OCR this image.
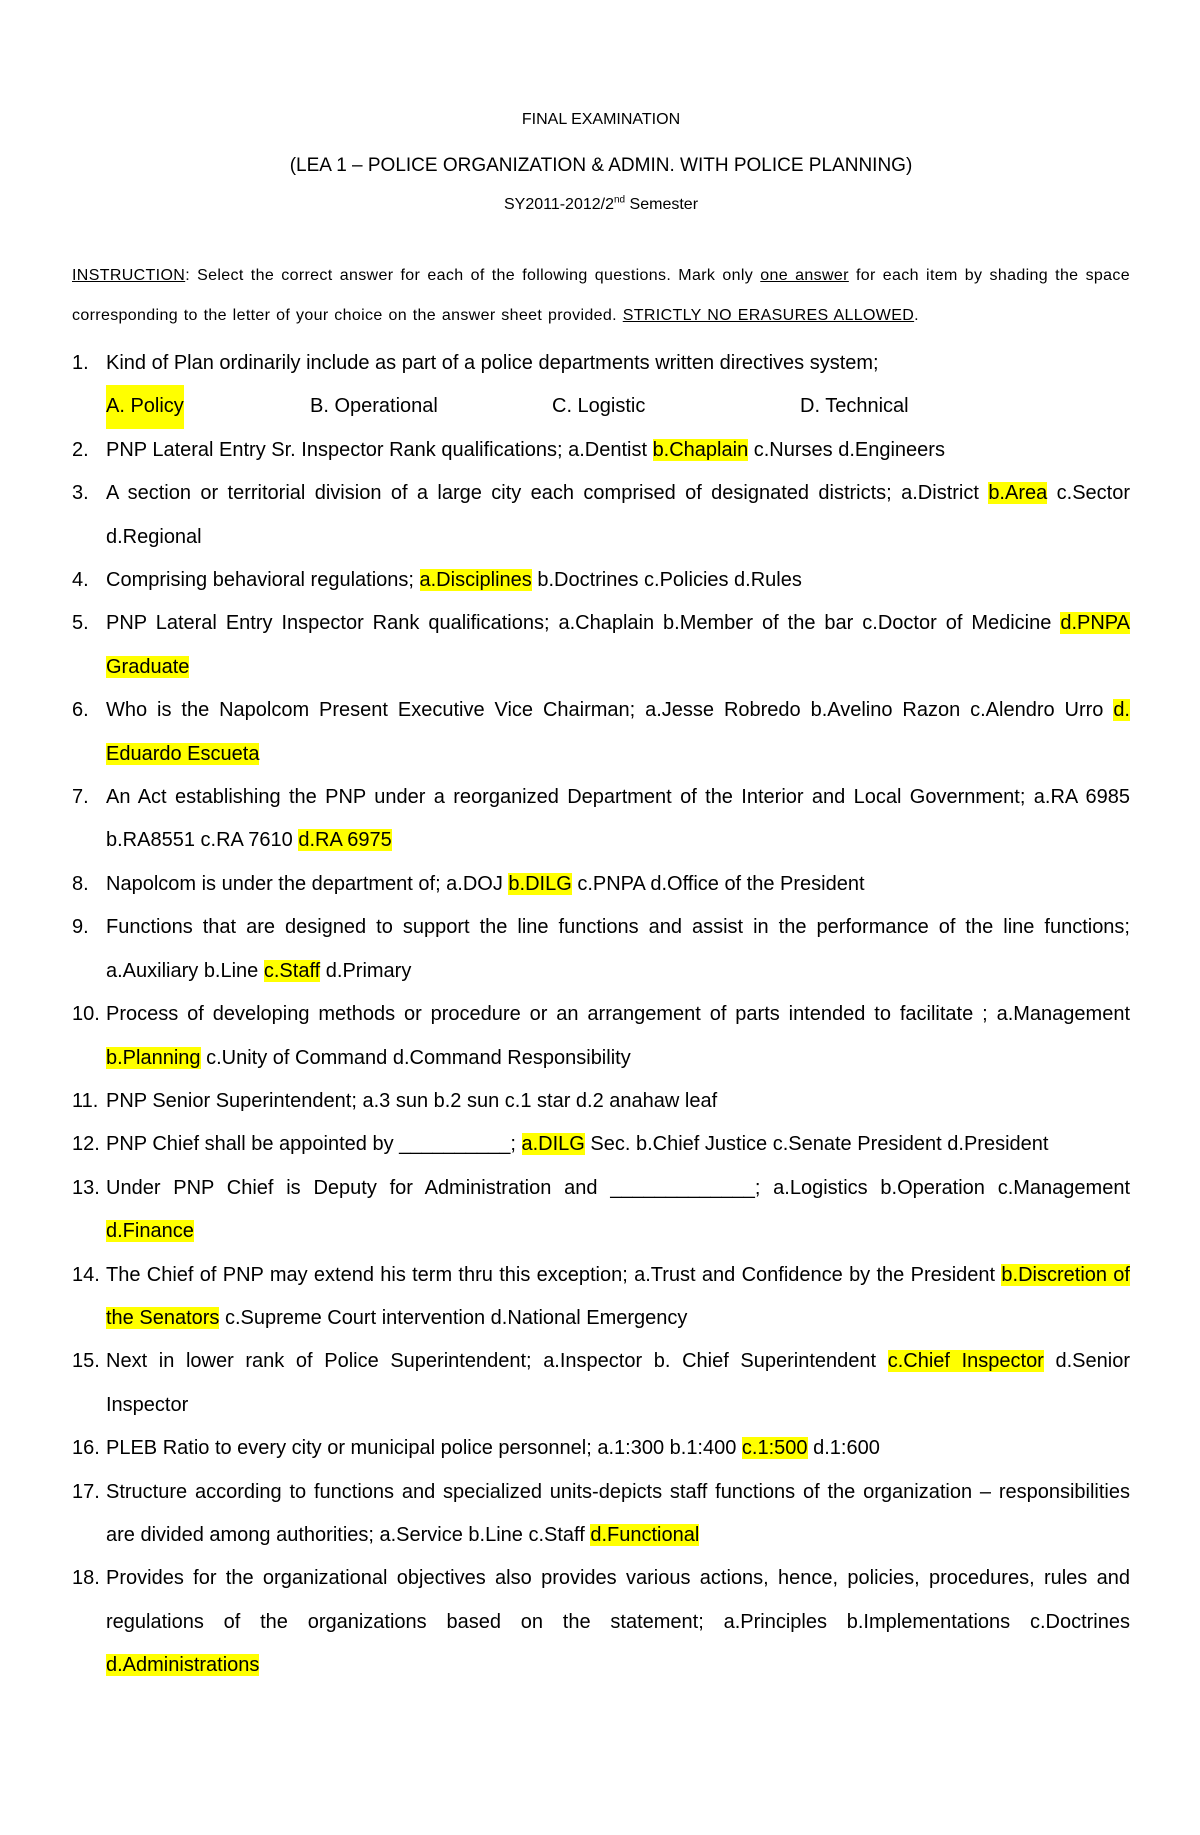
FINAL EXAMINATION
(LEA 1 – POLICE ORGANIZATION & ADMIN. WITH POLICE PLANNING)
SY2011-2012/2nd Semester
INSTRUCTION: Select the correct answer for each of the following questions. Mark only one answer for each item by shading the space corresponding to the letter of your choice on the answer sheet provided. STRICTLY NO ERASURES ALLOWED.
1. Kind of Plan ordinarily include as part of a police departments written directives system;
A. Policy	B. Operational	C. Logistic	D. Technical
2. PNP Lateral Entry Sr. Inspector Rank qualifications; a.Dentist b.Chaplain c.Nurses d.Engineers
3. A section or territorial division of a large city each comprised of designated districts; a.District b.Area c.Sector d.Regional
4. Comprising behavioral regulations; a.Disciplines b.Doctrines c.Policies d.Rules
5. PNP Lateral Entry Inspector Rank qualifications; a.Chaplain b.Member of the bar c.Doctor of Medicine d.PNPA Graduate
6. Who is the Napolcom Present Executive Vice Chairman; a.Jesse Robredo b.Avelino Razon c.Alendro Urro d. Eduardo Escueta
7. An Act establishing the PNP under a reorganized Department of the Interior and Local Government; a.RA 6985 b.RA8551 c.RA 7610 d.RA 6975
8. Napolcom is under the department of; a.DOJ b.DILG c.PNPA d.Office of the President
9. Functions that are designed to support the line functions and assist in the performance of the line functions; a.Auxiliary b.Line c.Staff d.Primary
10. Process of developing methods or procedure or an arrangement of parts intended to facilitate ; a.Management b.Planning c.Unity of Command d.Command Responsibility
11. PNP Senior Superintendent; a.3 sun b.2 sun c.1 star d.2 anahaw leaf
12. PNP Chief shall be appointed by __________; a.DILG Sec. b.Chief Justice c.Senate President d.President
13. Under PNP Chief is Deputy for Administration and _____________; a.Logistics b.Operation c.Management d.Finance
14. The Chief of PNP may extend his term thru this exception; a.Trust and Confidence by the President b.Discretion of the Senators c.Supreme Court intervention d.National Emergency
15. Next in lower rank of Police Superintendent; a.Inspector b. Chief Superintendent c.Chief Inspector d.Senior Inspector
16. PLEB Ratio to every city or municipal police personnel; a.1:300 b.1:400 c.1:500 d.1:600
17. Structure according to functions and specialized units-depicts staff functions of the organization – responsibilities are divided among authorities; a.Service b.Line c.Staff d.Functional
18. Provides for the organizational objectives also provides various actions, hence, policies, procedures, rules and regulations of the organizations based on the statement; a.Principles b.Implementations c.Doctrines d.Administrations
